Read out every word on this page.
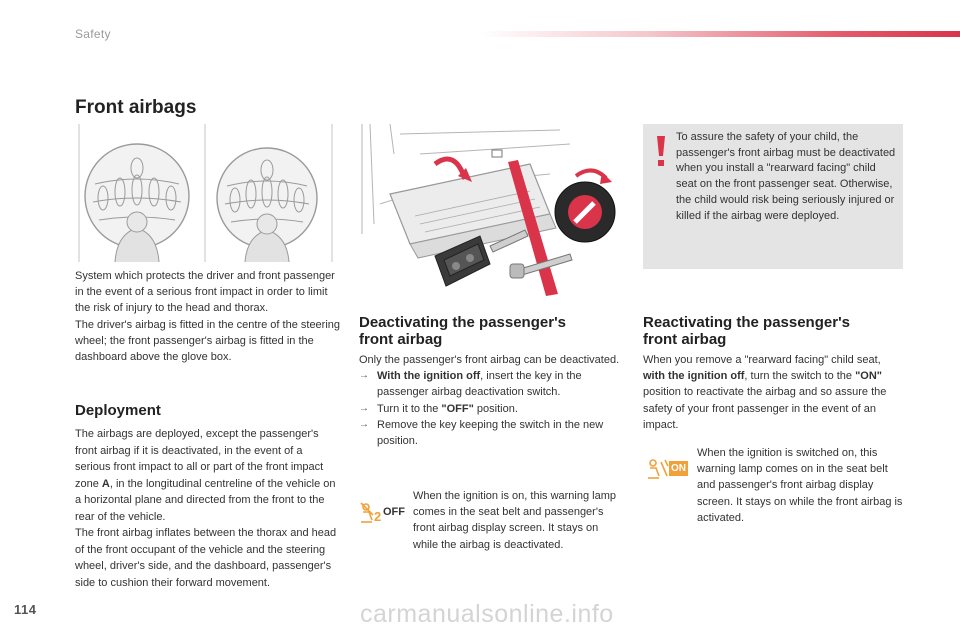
Safety
Front airbags

System which protects the driver and front passenger in the event of a serious front impact in order to limit the risk of injury to the head and thorax.

The driver's airbag is fitted in the centre of the steering wheel; the front passenger's airbag is fitted in the dashboard above the glove box.

Deployment

The airbags are deployed, except the passenger's front airbag if it is deactivated, in the event of a serious front impact to all or part of the front impact zone A, in the longitudinal centreline of the vehicle on a horizontal plane and directed from the front to the rear of the vehicle.

The front airbag inflates between the thorax and head of the front occupant of the vehicle and the steering wheel, driver's side, and the dashboard, passenger's side to cushion their forward movement.

Deactivating the passenger's
front airbag

Only the passenger's front airbag can be deactivated.

→ With the ignition off, insert the key in the passenger airbag deactivation switch.
→ Turn it to the "OFF" position.
→ Remove the key keeping the switch in the new position.
2 OFF
When the ignition is on, this warning lamp comes in the seat belt and passenger's front airbag display screen. It stays on while the airbag is deactivated.
To assure the safety of your child, the passenger's front airbag must be deactivated when you install a "rearward facing" child seat on the front passenger seat. Otherwise, the child would risk being seriously injured or killed if the airbag were deployed.
Reactivating the passenger's
front airbag

When you remove a "rearward facing" child seat, with the ignition off, turn the switch to the "ON" position to reactivate the airbag and so assure the safety of your front passenger in the event of an impact.

ON
When the ignition is switched on, this warning lamp comes on in the seat belt and passenger's front airbag display screen. It stays on while the front airbag is activated.
114	carmanualsonline.info
